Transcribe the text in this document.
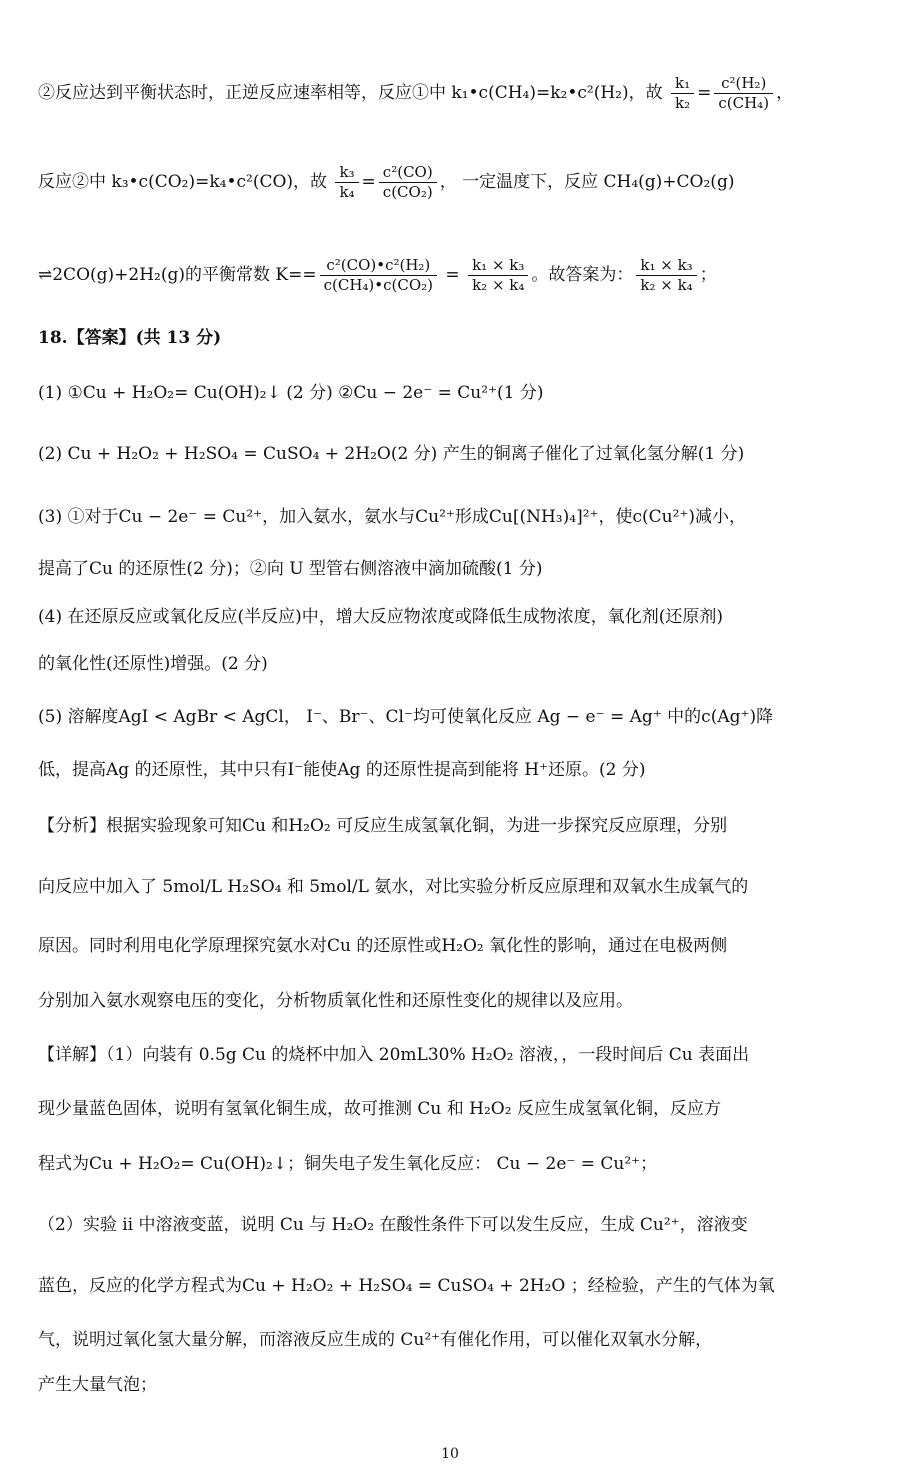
②反应达到平衡状态时，正逆反应速率相等，反应①中 k₁•c(CH₄)=k₂•c²(H₂)，故 $\frac{\text{k₁}}{\text{k₂}} = \frac{\text{c²(H₂)}}{\text{c(CH₄)}}$ ，
反应②中 k₃•c(CO₂)=k₄•c²(CO)，故 $\frac{\text{k₃}}{\text{k₄}} = \frac{\text{c²(CO)}}{\text{c(CO₂)}}$ ， 一定温度下，反应 CH₄(g)+CO₂(g)
⇌2CO(g)+2H₂(g)的平衡常数 $K== \frac{\text{c²(CO)•c²(H₂)}}{\text{c(CH₄)•c(CO₂)}} = \frac{\text{k₁ × k₃}}{\text{k₂ × k₄}}$ 。故答案为： $\frac{\text{k₁ × k₃}}{\text{k₂ × k₄}}$ ；
18.【答案】(共 13 分)
(1) ①Cu + H₂O₂= Cu(OH)₂↓ (2 分) ②Cu − 2e⁻ = Cu²⁺(1 分)
(2) Cu + H₂O₂ + H₂SO₄ = CuSO₄ + 2H₂O(2 分) 产生的铜离子催化了过氧化氢分解(1 分)
(3) ①对于Cu − 2e⁻ = Cu²⁺，加入氨水，氨水与Cu²⁺形成Cu[(NH₃)₄]²⁺，使c(Cu²⁺)减小，
提高了Cu 的还原性(2 分)；②向 U 型管右侧溶液中滴加硫酸(1 分)
(4) 在还原反应或氧化反应(半反应)中，增大反应物浓度或降低生成物浓度，氧化剂(还原剂)
的氧化性(还原性)增强。(2 分)
(5) 溶解度AgI < AgBr < AgCl， I⁻、Br⁻、Cl⁻均可使氧化反应 Ag − e⁻ = Ag⁺ 中的c(Ag⁺)降
低，提高Ag 的还原性，其中只有I⁻能使Ag 的还原性提高到能将 H⁺还原。(2 分)
【分析】根据实验现象可知Cu 和H₂O₂ 可反应生成氢氧化铜，为进一步探究反应原理，分别
向反应中加入了 5mol/L H₂SO₄ 和 5mol/L 氨水，对比实验分析反应原理和双氧水生成氧气的
原因。同时利用电化学原理探究氨水对Cu 的还原性或H₂O₂ 氧化性的影响，通过在电极两侧
分别加入氨水观察电压的变化，分析物质氧化性和还原性变化的规律以及应用。
【详解】（1）向装有 0.5g Cu 的烧杯中加入 20mL30% H₂O₂ 溶液，，一段时间后 Cu 表面出
现少量蓝色固体，说明有氢氧化铜生成，故可推测 Cu 和 H₂O₂ 反应生成氢氧化铜，反应方
程式为Cu + H₂O₂= Cu(OH)₂↓；铜失电子发生氧化反应： Cu − 2e⁻ = Cu²⁺；
（2）实验 ii 中溶液变蓝，说明 Cu 与 H₂O₂ 在酸性条件下可以发生反应，生成 Cu²⁺，溶液变
蓝色，反应的化学方程式为Cu + H₂O₂ + H₂SO₄ = CuSO₄ + 2H₂O ；经检验，产生的气体为氧
气，说明过氧化氢大量分解，而溶液反应生成的 Cu²⁺有催化作用，可以催化双氧水分解，
产生大量气泡；
10
